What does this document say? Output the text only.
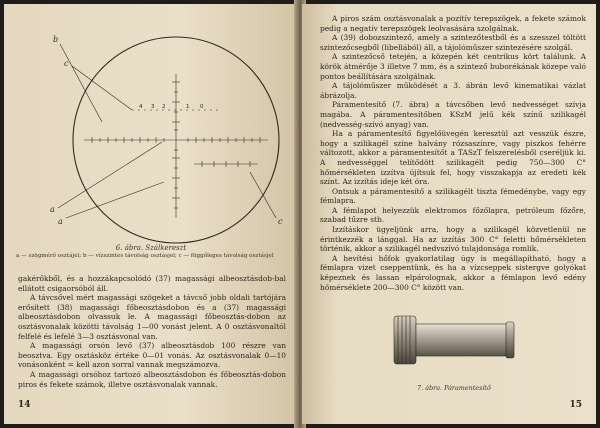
4 3 2	1 0
b
c
a
a	c
6. ábra. Szálkereszt
a — szögmérő osztájel; b — vízszintes távolság osztásjel; c — függőleges távolság osztásjel

gakérőkből, és a hozzákapcsolódó (37) magassági albeosztásdob-bal ellátott csigaorsóból áll.

A távcsővel mért magassági szögeket a távcső jobb oldali tartójára erősített (38) magassági főbeosztásdobon és a (37) magassági albeosztásdobon olvassuk le. A magassági főbeosztás-dobon az osztásvonalak közötti távolság 1—00 vonást jelent. A 0 osztásvonaltól felfelé és lefelé 3—3 osztásvonal van.

A magassági orsón levő (37) albeosztásdob 100 részre van beosztva. Egy osztásköz értéke 0—01 vonás. Az osztásvonalak 0—10 vonásonként = kell azon sorral vannak megszámozva.

A magassági orsóhoz tartozó albeosztásdobon és főbeosztás-dobon piros és fekete számok, illetve osztásvonalak vannak.

14

A piros szám osztásvonalak a pozitív terepszögek, a fekete számok pedig a negatív terepszögek leolvasására szolgálnak.

A (39) dobozszintező, amely a szintezőtestből és a szesszel töltött szintezőcsegből (libellából) áll, a tájolóműszer szintezésére szolgál.

A szintezőcső tetején, a közepén két centrikus kört találunk. A körök átmérője 3 illetve 7 mm, és a szintező buborékának közepe való pontos beállítására szolgálnak.

A tájolóműszer működését a 3. ábrán levő kinematikai vázlat ábrázolja.

Páramentesítő (7. ábra) a távcsőben levő nedvességet szívja magába. A páramentesítőben KSzM jelű kék színű szilikagél (nedvesség-szívó anyag) van.

Ha a páramentesítő figyelőüvegén keresztül azt vesszük észre, hogy a szilikagél színe halvány rózsaszínre, vagy piszkos fehérre változott, akkor a páramentesítőt a TASzT felszerelésből cseréljük ki. A nedvességgel telítődött szilikagélt pedig 750—300 C° hőmérsékleten izzítva újítsuk fel, hogy visszakapja az eredeti kék színt. Az izzítás ideje két óra.

Ontsuk a páramentesítő a szilikagélt tiszta fémedénybe, vagy egy fémlapra.

A fémlapot helyezzük elektromos főzőlapra, petróleum főzőre, szabad tűzre stb.

Izzításkor ügyeljünk arra, hogy a szilikagél közvetlenül ne érintkezzék a lánggal. Ha az izzítás 300 C° feletti hőmérsékleten történik, akkor a szilikagél nedvszívó tulajdonsága romlik.

A hevítési hőfok gyakorlatilag úgy is megállapítható, hogy a fémlapra vizet cseppentünk, és ha a vízcseppek sistergve golyókat képeznek és lassan elpárolognak, akkor a fémlapon levő edény hőmérséklete 200—300 C° között van.

7. ábra. Páramentesítő
15
